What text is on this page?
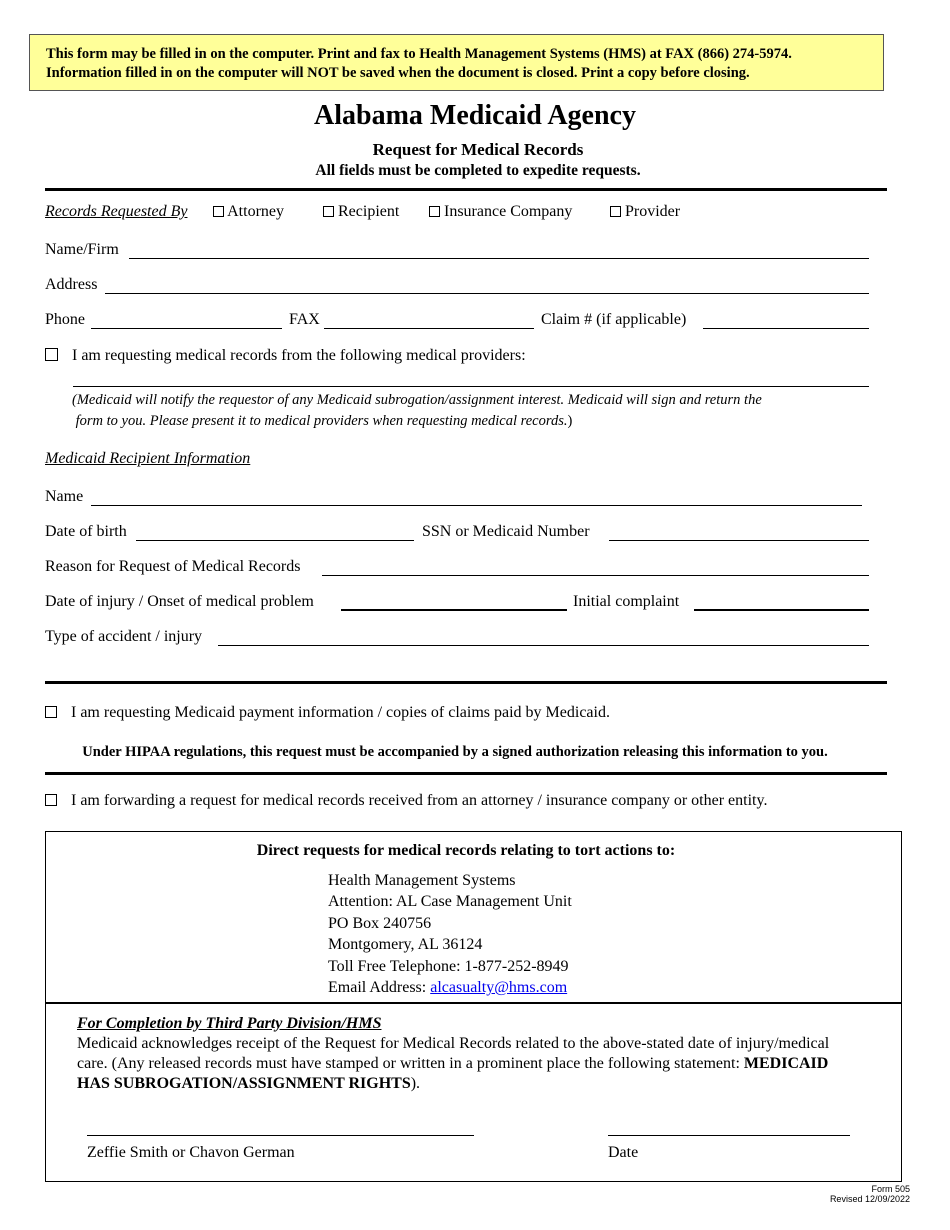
This form may be filled in on the computer. Print and fax to Health Management Systems (HMS) at FAX (866) 274-5974.
Information filled in on the computer will NOT be saved when the document is closed. Print a copy before closing.
Alabama Medicaid Agency
Request for Medical Records
All fields must be completed to expedite requests.
Records Requested By	Attorney	Recipient	Insurance Company	Provider
Name/Firm
Address
Phone	FAX	Claim # (if applicable)
I am requesting medical records from the following medical providers:
(Medicaid will notify the requestor of any Medicaid subrogation/assignment interest. Medicaid will sign and return the
form to you. Please present it to medical providers when requesting medical records.)
Medicaid Recipient Information
Name
Date of birth	SSN or Medicaid Number
Reason for Request of Medical Records
Date of injury / Onset of medical problem	Initial complaint
Type of accident / injury
I am requesting Medicaid payment information / copies of claims paid by Medicaid.
Under HIPAA regulations, this request must be accompanied by a signed authorization releasing this information to you.
I am forwarding a request for medical records received from an attorney / insurance company or other entity.
Direct requests for medical records relating to tort actions to:
Health Management Systems
Attention: AL Case Management Unit
PO Box 240756
Montgomery, AL 36124
Toll Free Telephone: 1-877-252-8949
Email Address: alcasualty@hms.com
For Completion by Third Party Division/HMS
Medicaid acknowledges receipt of the Request for Medical Records related to the above-stated date of injury/medical
care. (Any released records must have stamped or written in a prominent place the following statement: MEDICAID
HAS SUBROGATION/ASSIGNMENT RIGHTS).
Zeffie Smith or Chavon German	Date
Form 505
Revised 12/09/2022
